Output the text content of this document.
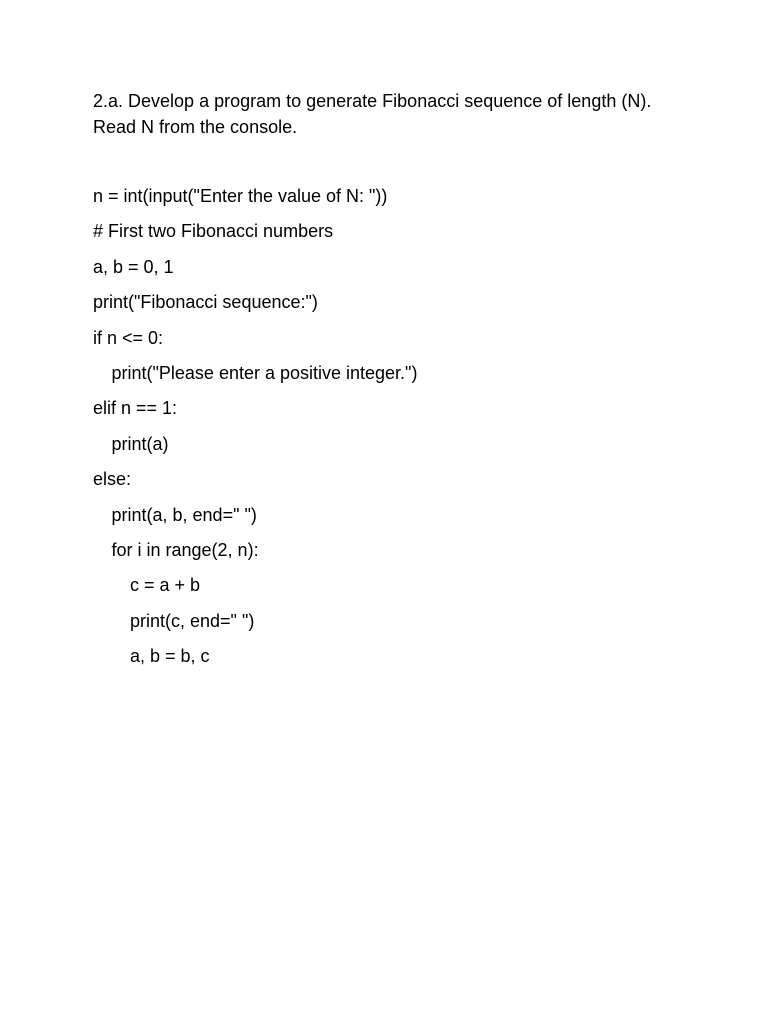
2.a. Develop a program to generate Fibonacci sequence of length (N).
Read N from the console.
n = int(input("Enter the value of N: "))
# First two Fibonacci numbers
a, b = 0, 1
print("Fibonacci sequence:")
if n <= 0:
print("Please enter a positive integer.")
elif n == 1:
print(a)
else:
print(a, b, end=" ")
for i in range(2, n):
c = a + b
print(c, end=" ")
a, b = b, c
